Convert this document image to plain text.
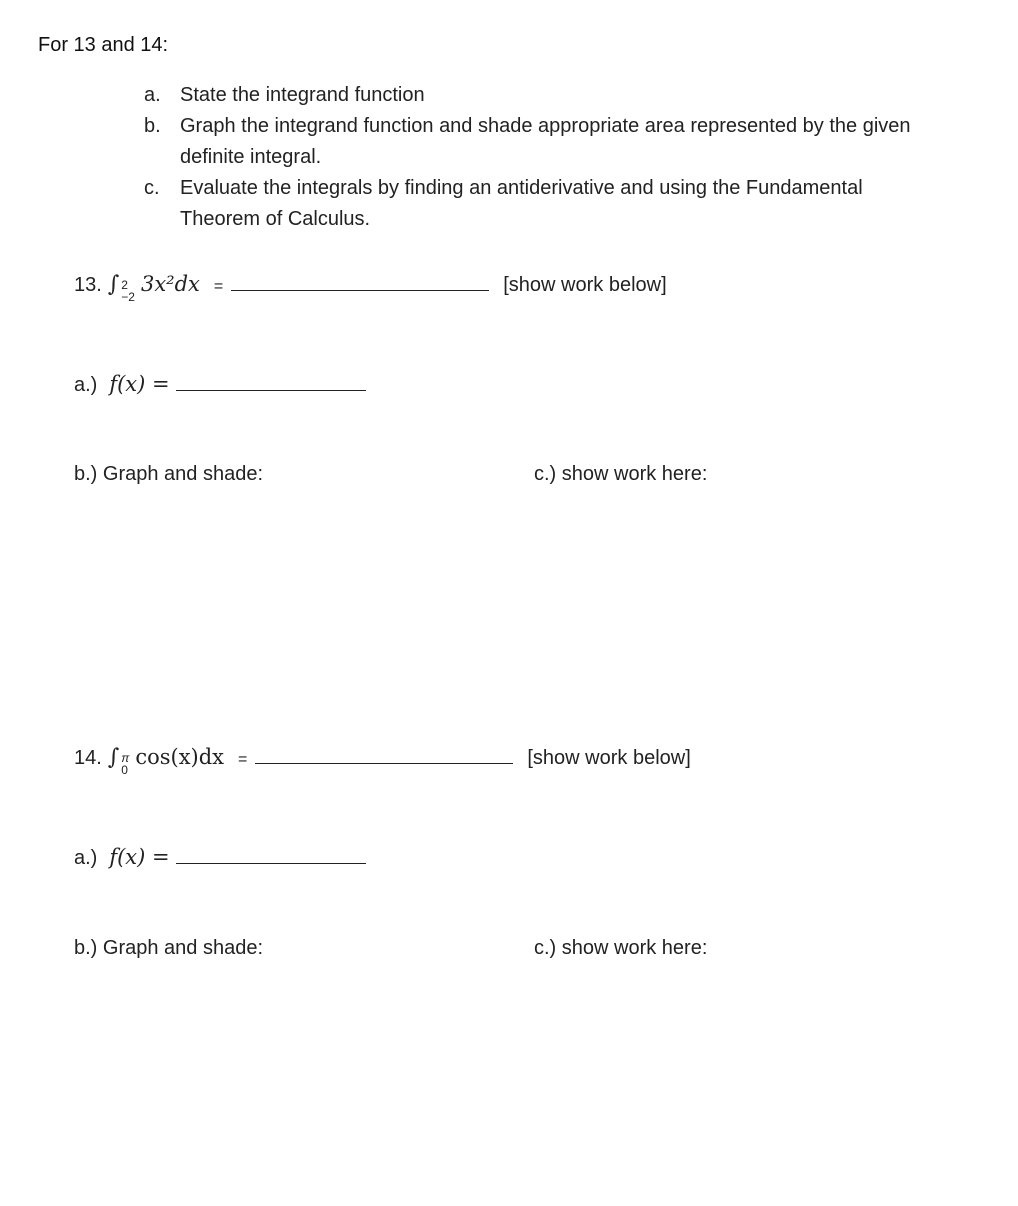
For 13 and 14:
a. State the integrand function
b. Graph the integrand function and shade appropriate area represented by the given definite integral.
c.	Evaluate the integrals by finding an antiderivative and using the Fundamental Theorem of Calculus.
13. ∫ 2
−2
3x²dx =	[show work below]
a.) f(x) =
b.) Graph and shade:	c.) show work here:
14. ∫ π
0
cos(x)dx =	[show work below]
a.) f(x) =
b.) Graph and shade:	c.) show work here:
